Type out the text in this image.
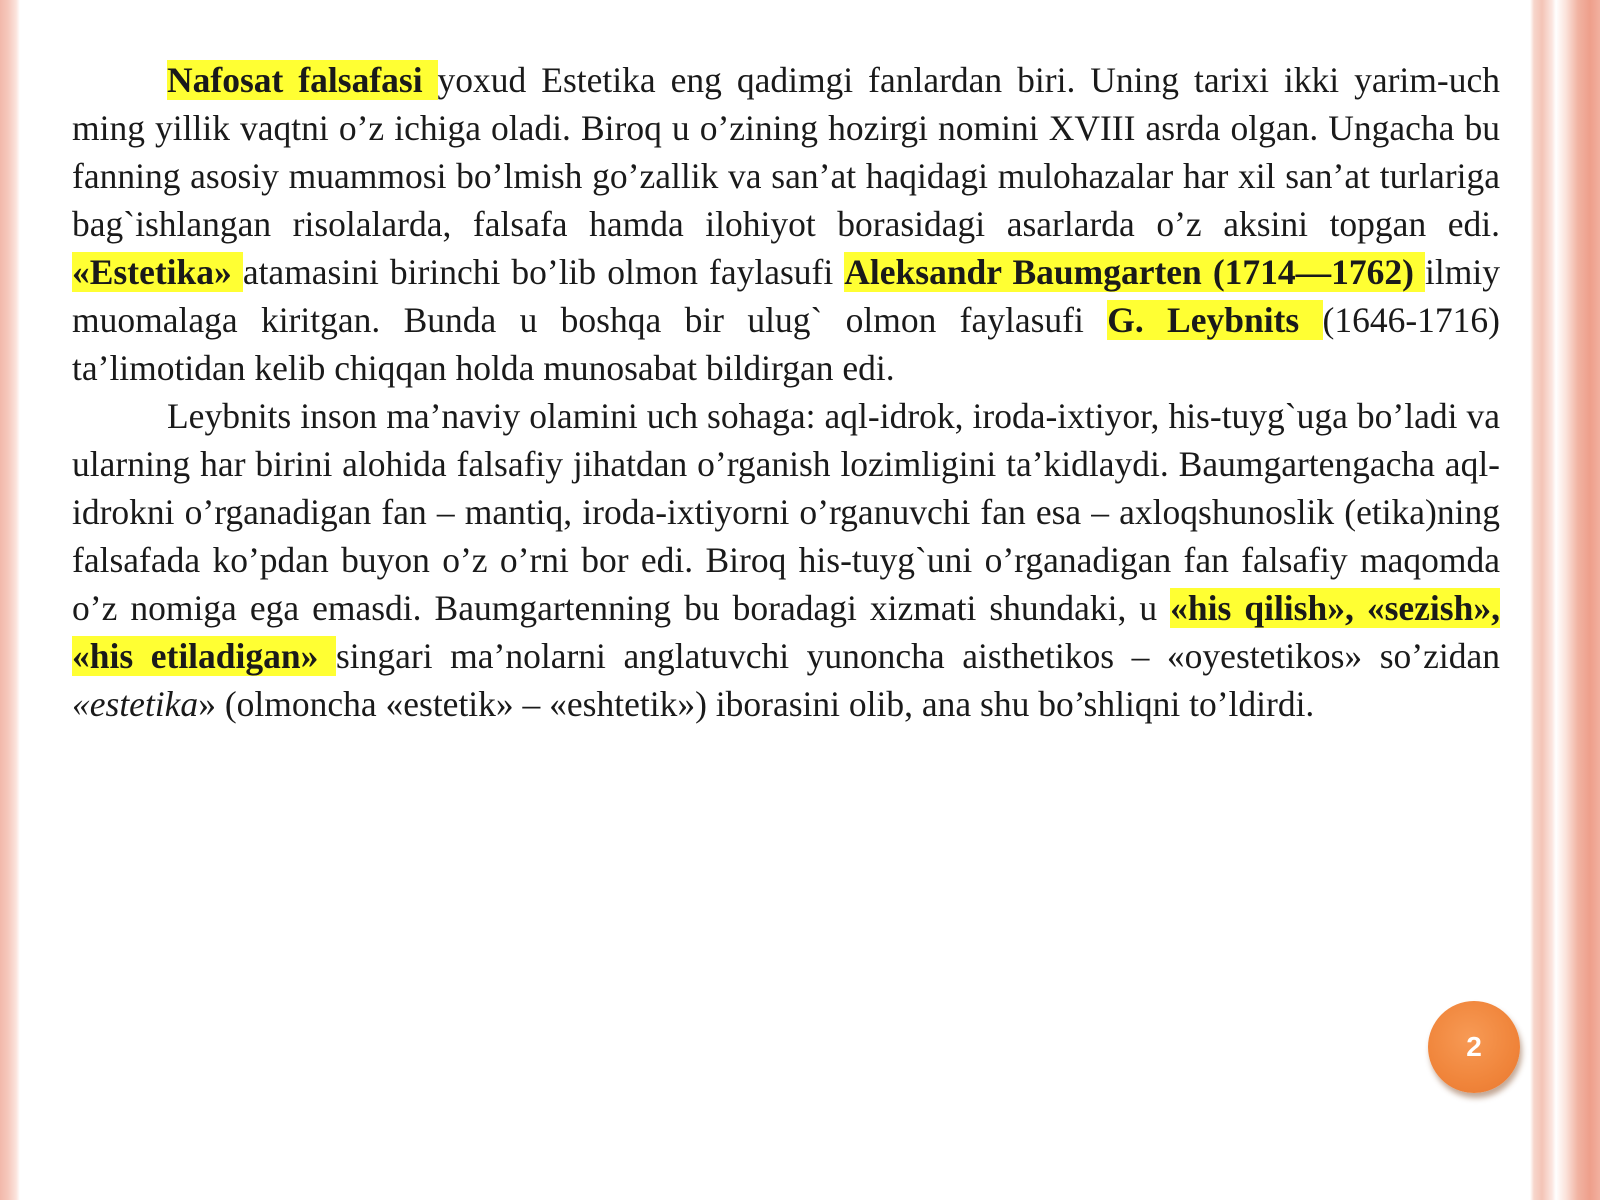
Nafosat falsafasi yoxud Estetika eng qadimgi fanlardan biri. Uning tarixi ikki yarim-uch ming yillik vaqtni o’z ichiga oladi. Biroq u o’zining hozirgi nomini XVIII asrda olgan. Ungacha bu fanning asosiy muammosi bo’lmish go’zallik va san’at haqidagi mulohazalar har xil san’at turlariga bag`ishlangan risolalarda, falsafa hamda ilohiyot borasidagi asarlarda o’z aksini topgan edi. «Estetika» atamasini birinchi bo’lib olmon faylasufi Aleksandr Baumgarten (1714—1762) ilmiy muomalaga kiritgan. Bunda u boshqa bir ulug` olmon faylasufi G. Leybnits (1646-1716) ta’limotidan kelib chiqqan holda munosabat bildirgan edi.

Leybnits inson ma’naviy olamini uch sohaga: aql-idrok, iroda-ixtiyor, his-tuyg`uga bo’ladi va ularning har birini alohida falsafiy jihatdan o’rganish lozimligini ta’kidlaydi. Baumgartengacha aql-idrokni o’rganadigan fan – mantiq, iroda-ixtiyorni o’rganuvchi fan esa – axloqshunoslik (etika)ning falsafada ko’pdan buyon o’z o’rni bor edi. Biroq his-tuyg`uni o’rganadigan fan falsafiy maqomda o’z nomiga ega emasdi. Baumgartenning bu boradagi xizmati shundaki, u «his qilish», «sezish», «his etiladigan» singari ma’nolarni anglatuvchi yunoncha aisthetikos – «oyestetikos» so’zidan «estetika» (olmoncha «estetik» – «eshtetik») iborasini olib, ana shu bo’shliqni to’ldirdi.

2
